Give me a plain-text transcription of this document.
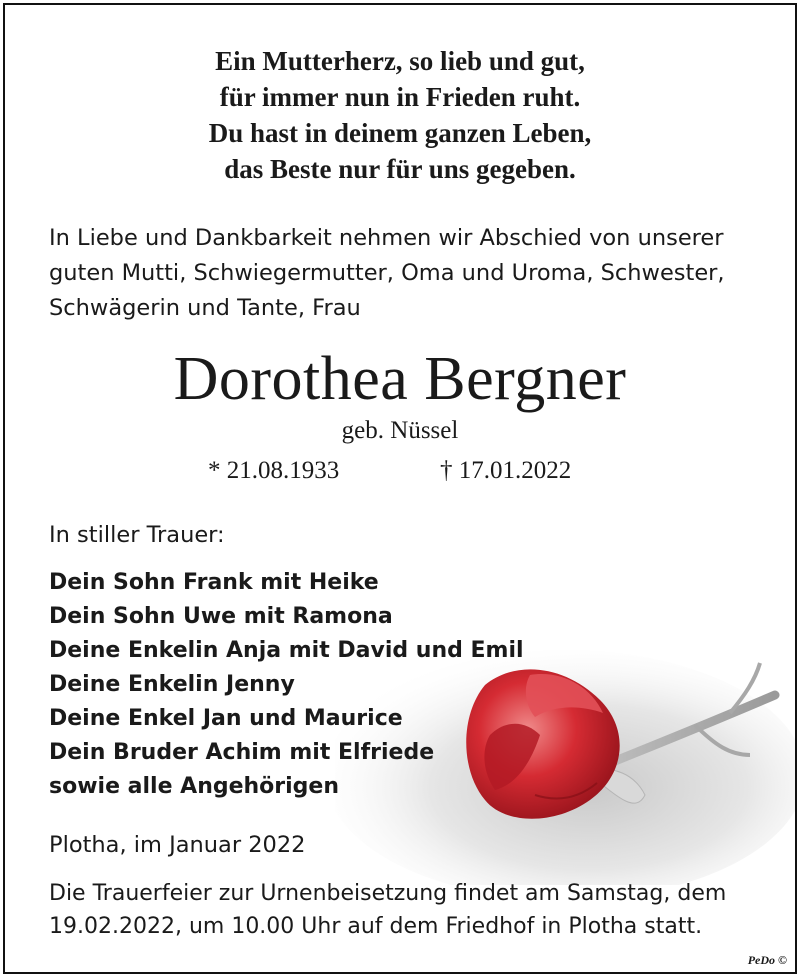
Ein Mutterherz, so lieb und gut,
für immer nun in Frieden ruht.
Du hast in deinem ganzen Leben,
das Beste nur für uns gegeben.
In Liebe und Dankbarkeit nehmen wir Abschied von unserer
guten Mutti, Schwiegermutter, Oma und Uroma, Schwester,
Schwägerin und Tante, Frau
Dorothea Bergner
geb. Nüssel
* 21.08.1933	† 17.01.2022
In stiller Trauer:
Dein Sohn Frank mit Heike
Dein Sohn Uwe mit Ramona
Deine Enkelin Anja mit David und Emil
Deine Enkelin Jenny
Deine Enkel Jan und Maurice
Dein Bruder Achim mit Elfriede
sowie alle Angehörigen
Plotha, im Januar 2022
Die Trauerfeier zur Urnenbeisetzung findet am Samstag, dem
19.02.2022, um 10.00 Uhr auf dem Friedhof in Plotha statt.
PeDo ©
